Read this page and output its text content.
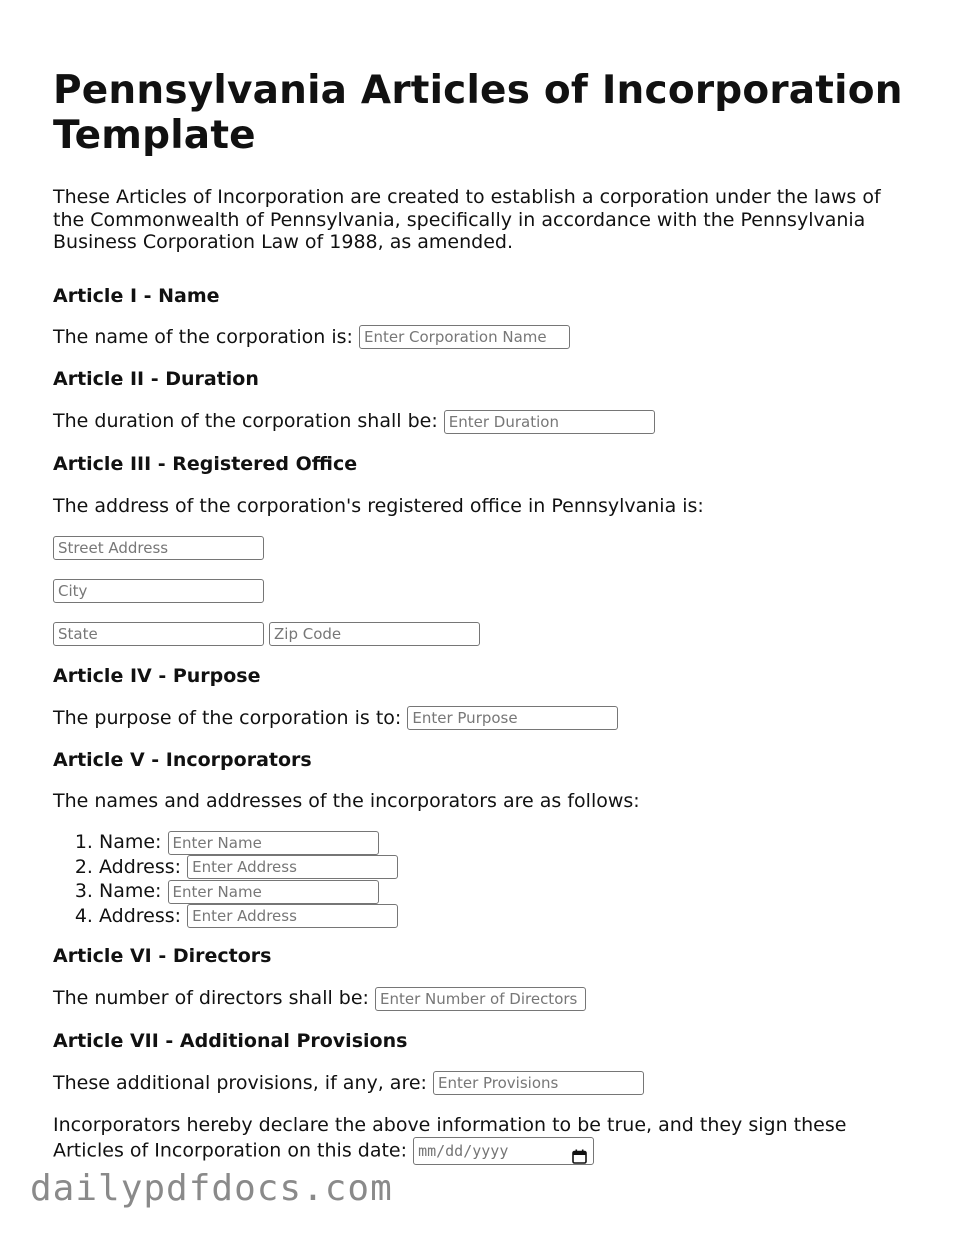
Pennsylvania Articles of Incorporation Template

These Articles of Incorporation are created to establish a corporation under the laws of the Commonwealth of Pennsylvania, specifically in accordance with the Pennsylvania Business Corporation Law of 1988, as amended.

Article I - Name

The name of the corporation is: Enter Corporation Name

Article II - Duration

The duration of the corporation shall be: Enter Duration

Article III - Registered Office

The address of the corporation's registered office in Pennsylvania is:

Street Address
City
State
Zip Code
Article IV - Purpose

The purpose of the corporation is to: Enter Purpose

Article V - Incorporators

The names and addresses of the incorporators are as follows:

1. Name: Enter Name
2. Address: Enter Address
3. Name: Enter Name
4. Address: Enter Address
Article VI - Directors

The number of directors shall be: Enter Number of Directors

Article VII - Additional Provisions

These additional provisions, if any, are: Enter Provisions

Incorporators hereby declare the above information to be true, and they sign these Articles of Incorporation on this date: mm/dd/yyyy

dailypdfdocs.com
